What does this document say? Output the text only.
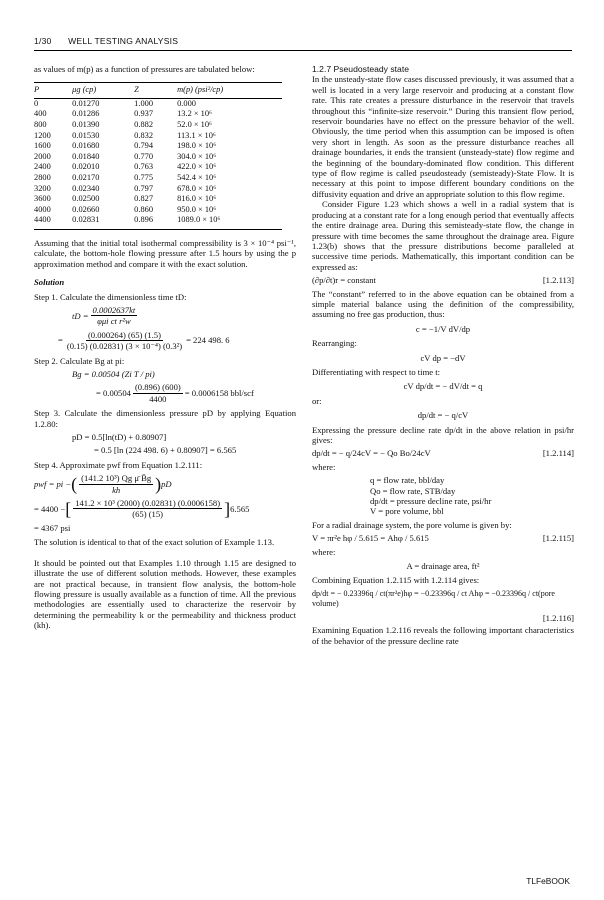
1/30 WELL TESTING ANALYSIS

as values of m(p) as a function of pressures are tabulated below:

P	μg (cp)	Z	m(p) (psi²/cp)
0	0.01270	1.000	0.000
400	0.01286	0.937	13.2 × 10⁶
800	0.01390	0.882	52.0 × 10⁶
1200	0.01530	0.832	113.1 × 10⁶
1600	0.01680	0.794	198.0 × 10⁶
2000	0.01840	0.770	304.0 × 10⁶
2400	0.02010	0.763	422.0 × 10⁶
2800	0.02170	0.775	542.4 × 10⁶
3200	0.02340	0.797	678.0 × 10⁶
3600	0.02500	0.827	816.0 × 10⁶
4000	0.02660	0.860	950.0 × 10⁶
4400	0.02831	0.896	1089.0 × 10⁶

Assuming that the initial total isothermal compressibility is 3 × 10⁻⁴ psi⁻¹, calculate, the bottom-hole flowing pressure after 1.5 hours by using the p approximation method and compare it with the exact solution.

Solution

Step 1. Calculate the dimensionless time tD:

tD = $\frac{0.0002637kt}{\text{φμi ct r²w}}$
= $\frac{(0.000264) (65) (1.5)}{\text{(0.15) (0.02831) (3 × 10⁻⁴) (0.3²)}} = 224$ 498. 6

Step 2. Calculate Bg at pi:

Bg = 0.00504 (Zi T / pi)
= $0.00504 \frac{(0.896) (600)}{4400} = 0.0006158$ bbl/scf

Step 3. Calculate the dimensionless pressure pD by applying Equation 1.2.80:

pD = 0.5[ln(tD) + 0.80907]
= 0.5 [ln (224 498. 6) + 0.80907] = 6.565

Step 4. Approximate pwf from Equation 1.2.111:

pwf = pi − ( $\frac{\text{(141.2 10³) Qg μ̄ B̄g}}{kh}$ ) pD
= 4400 − [ $\frac{\text{141.2 × 10³ (2000) (0.02831) (0.0006158)}}{(65) (15)}$ ] 6.565
= 4367 psi

The solution is identical to that of the exact solution of Example 1.13.

It should be pointed out that Examples 1.10 through 1.15 are designed to illustrate the use of different solution methods. However, these examples are not practical because, in transient flow analysis, the bottom-hole flowing pressure is usually available as a function of time. All the previous methodologies are essentially used to characterize the reservoir by determining the permeability k or the permeability and thickness product (kh).

1.2.7 Pseudosteady state

In the unsteady-state flow cases discussed previously, it was assumed that a well is located in a very large reservoir and producing at a constant flow rate. This rate creates a pressure disturbance in the reservoir that travels throughout this “infinite-size reservoir.” During this transient flow period, reservoir boundaries have no effect on the pressure behavior of the well. Obviously, the time period when this assumption can be imposed is often very short in length. As soon as the pressure disturbance reaches all drainage boundaries, it ends the transient (unsteady-state) flow regime and the beginning of the boundary-dominated flow condition. This different type of flow regime is called pseudosteady (semisteady)-State Flow. It is necessary at this point to impose different boundary conditions on the diffusivity equation and drive an appropriate solution to this flow regime.

Consider Figure 1.23 which shows a well in a radial system that is producing at a constant rate for a long enough period that eventually affects the entire drainage area. During this semisteady-state flow, the change in pressure with time becomes the same throughout the drainage area. Figure 1.23(b) shows that the pressure distributions become paralleled at successive time periods. Mathematically, this important condition can be expressed as:

(∂p/∂t)r = constant	[1.2.113]

The “constant” referred to in the above equation can be obtained from a simple material balance using the definition of the compressibility, assuming no free gas production, thus:

c = −1/V dV/dp

Rearranging:

cV dp = −dV

Differentiating with respect to time t:

cV dp/dt = − dV/dt = q

or:

dp/dt = − q/cV

Expressing the pressure decline rate dp/dt in the above relation in psi/hr gives:

dp/dt = − q/24cV = − Qo Bo/24cV	[1.2.114]

where:

q = flow rate, bbl/day
Qo = flow rate, STB/day
dp/dt = pressure decline rate, psi/hr
V = pore volume, bbl

For a radial drainage system, the pore volume is given by:

V = πr²e hφ / 5.615 = Ahφ / 5.615	[1.2.115]

where:

A = drainage area, ft²

Combining Equation 1.2.115 with 1.2.114 gives:

dp/dt = − 0.23396q / ct(πr²e)hφ = −0.23396q / ct Ahφ = −0.23396q / ct(pore volume)
[1.2.116]

Examining Equation 1.2.116 reveals the following important characteristics of the behavior of the pressure decline rate

TLFeBOOK
